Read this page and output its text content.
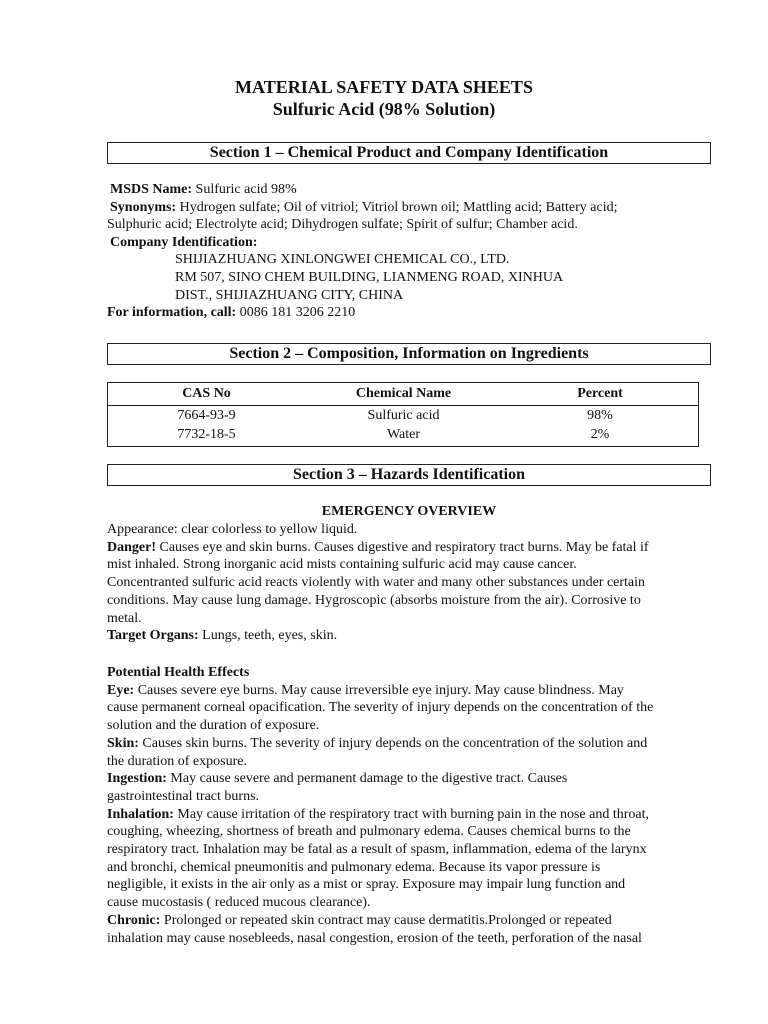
MATERIAL SAFETY DATA SHEETS
Sulfuric Acid (98% Solution)
Section 1 – Chemical Product and Company Identification
MSDS Name: Sulfuric acid 98%
Synonyms: Hydrogen sulfate; Oil of vitriol; Vitriol brown oil; Mattling acid; Battery acid;
Sulphuric acid; Electrolyte acid; Dihydrogen sulfate; Spirit of sulfur; Chamber acid.
Company Identification:
SHIJIAZHUANG XINLONGWEI CHEMICAL CO., LTD.
RM 507, SINO CHEM BUILDING, LIANMENG ROAD, XINHUA
DIST., SHIJIAZHUANG CITY, CHINA
For information, call: 0086 181 3206 2210
Section 2 – Composition, Information on Ingredients
CAS No	Chemical Name	Percent
7664-93-9	Sulfuric acid	98%
7732-18-5	Water	2%
Section 3 – Hazards Identification
EMERGENCY OVERVIEW
Appearance: clear colorless to yellow liquid.
Danger! Causes eye and skin burns. Causes digestive and respiratory tract burns. May be fatal if
mist inhaled. Strong inorganic acid mists containing sulfuric acid may cause cancer.
Concentranted sulfuric acid reacts violently with water and many other substances under certain
conditions. May cause lung damage. Hygroscopic (absorbs moisture from the air). Corrosive to
metal.
Target Organs: Lungs, teeth, eyes, skin.
Potential Health Effects
Eye: Causes severe eye burns. May cause irreversible eye injury. May cause blindness. May
cause permanent corneal opacification. The severity of injury depends on the concentration of the
solution and the duration of exposure.
Skin: Causes skin burns. The severity of injury depends on the concentration of the solution and
the duration of exposure.
Ingestion: May cause severe and permanent damage to the digestive tract. Causes
gastrointestinal tract burns.
Inhalation: May cause irritation of the respiratory tract with burning pain in the nose and throat,
coughing, wheezing, shortness of breath and pulmonary edema. Causes chemical burns to the
respiratory tract. Inhalation may be fatal as a result of spasm, inflammation, edema of the larynx
and bronchi, chemical pneumonitis and pulmonary edema. Because its vapor pressure is
negligible, it exists in the air only as a mist or spray. Exposure may impair lung function and
cause mucostasis ( reduced mucous clearance).
Chronic: Prolonged or repeated skin contract may cause dermatitis.Prolonged or repeated
inhalation may cause nosebleeds, nasal congestion, erosion of the teeth, perforation of the nasal
